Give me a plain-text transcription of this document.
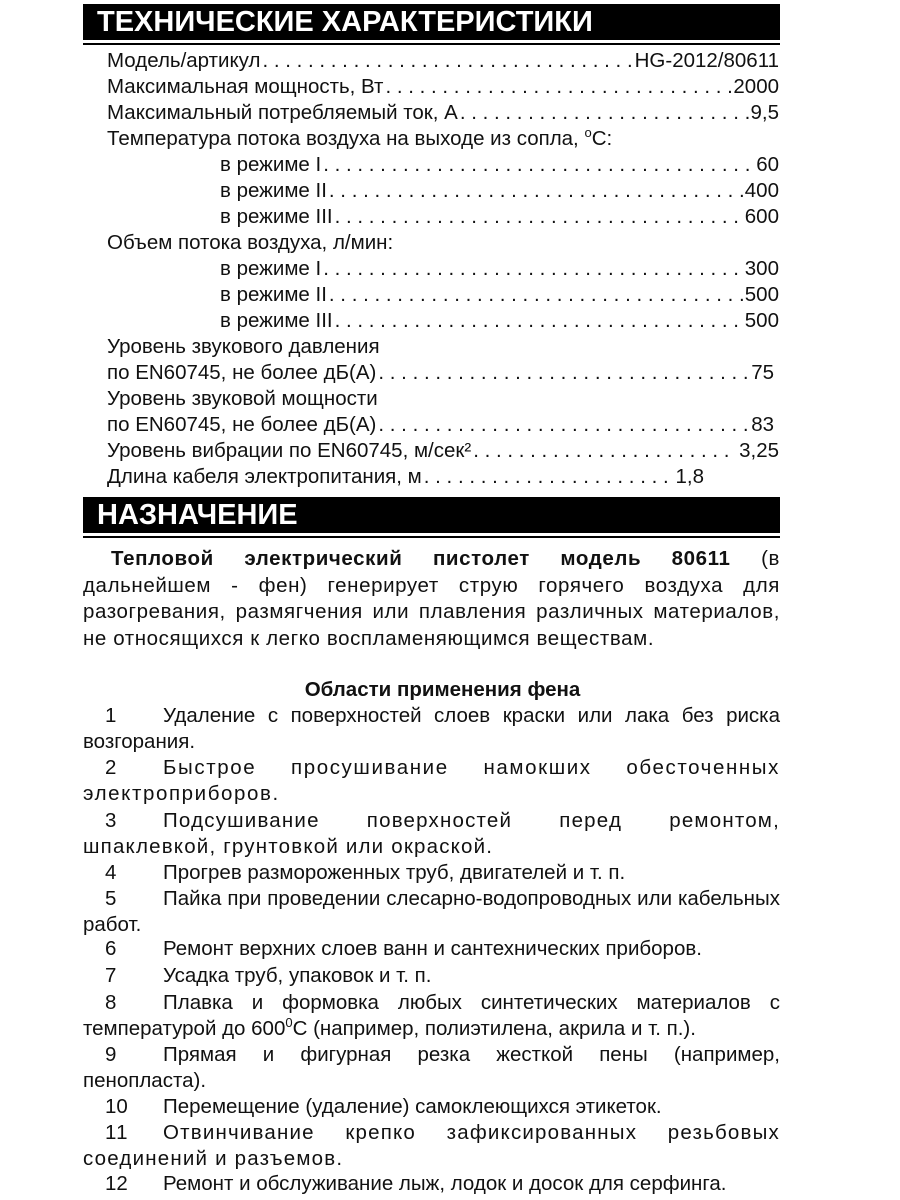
ТЕХНИЧЕСКИЕ ХАРАКТЕРИСТИКИ
Модель/артикул . . .	HG-2012/80611
Максимальная мощность, Вт . . .	2000
Максимальный потребляемый ток, А . . .	9,5
Температура потока воздуха на выходе из сопла, $^о$С:
в режиме I . . .	60
в режиме II . . .	400
в режиме III . . .	600
Объем потока воздуха, л/мин:
в режиме I . . .	300
в режиме II . . .	500
в режиме III . . .	500
Уровень звукового давления
по EN60745, не более дБ(А) . . .	75
Уровень звуковой мощности
по EN60745, не более дБ(А) . . .	83
Уровень вибрации по EN60745, м/сек² . . .	3,25
Длина кабеля электропитания, м . . .	1,8
НАЗНАЧЕНИЕ
Тепловой электрический пистолет модель 80611 (в дальнейшем - фен) генерирует струю горячего воздуха для разогревания, размягчения или плавления различных материалов, не относящихся к легко воспламеняющимся веществам.
Области применения фена
1	Удаление с поверхностей слоев краски или лака без риска возгорания.
2	Быстрое просушивание намокших обесточенных электроприборов.
3	Подсушивание поверхностей перед ремонтом, шпаклевкой, грунтовкой или окраской.
4	Прогрев размороженных труб, двигателей и т. п.
5	Пайка при проведении слесарно-водопроводных или кабельных работ.
6	Ремонт верхних слоев ванн и сантехнических приборов.
7	Усадка труб, упаковок и т. п.
8	Плавка и формовка любых синтетических материалов с температурой до $600^0С$ (например, полиэтилена, акрила и т. п.).
9	Прямая и фигурная резка жесткой пены (например, пенопласта).
10	Перемещение (удаление) самоклеющихся этикеток.
11	Отвинчивание крепко зафиксированных резьбовых соединений и разъемов.
12	Ремонт и обслуживание лыж, лодок и досок для серфинга.
